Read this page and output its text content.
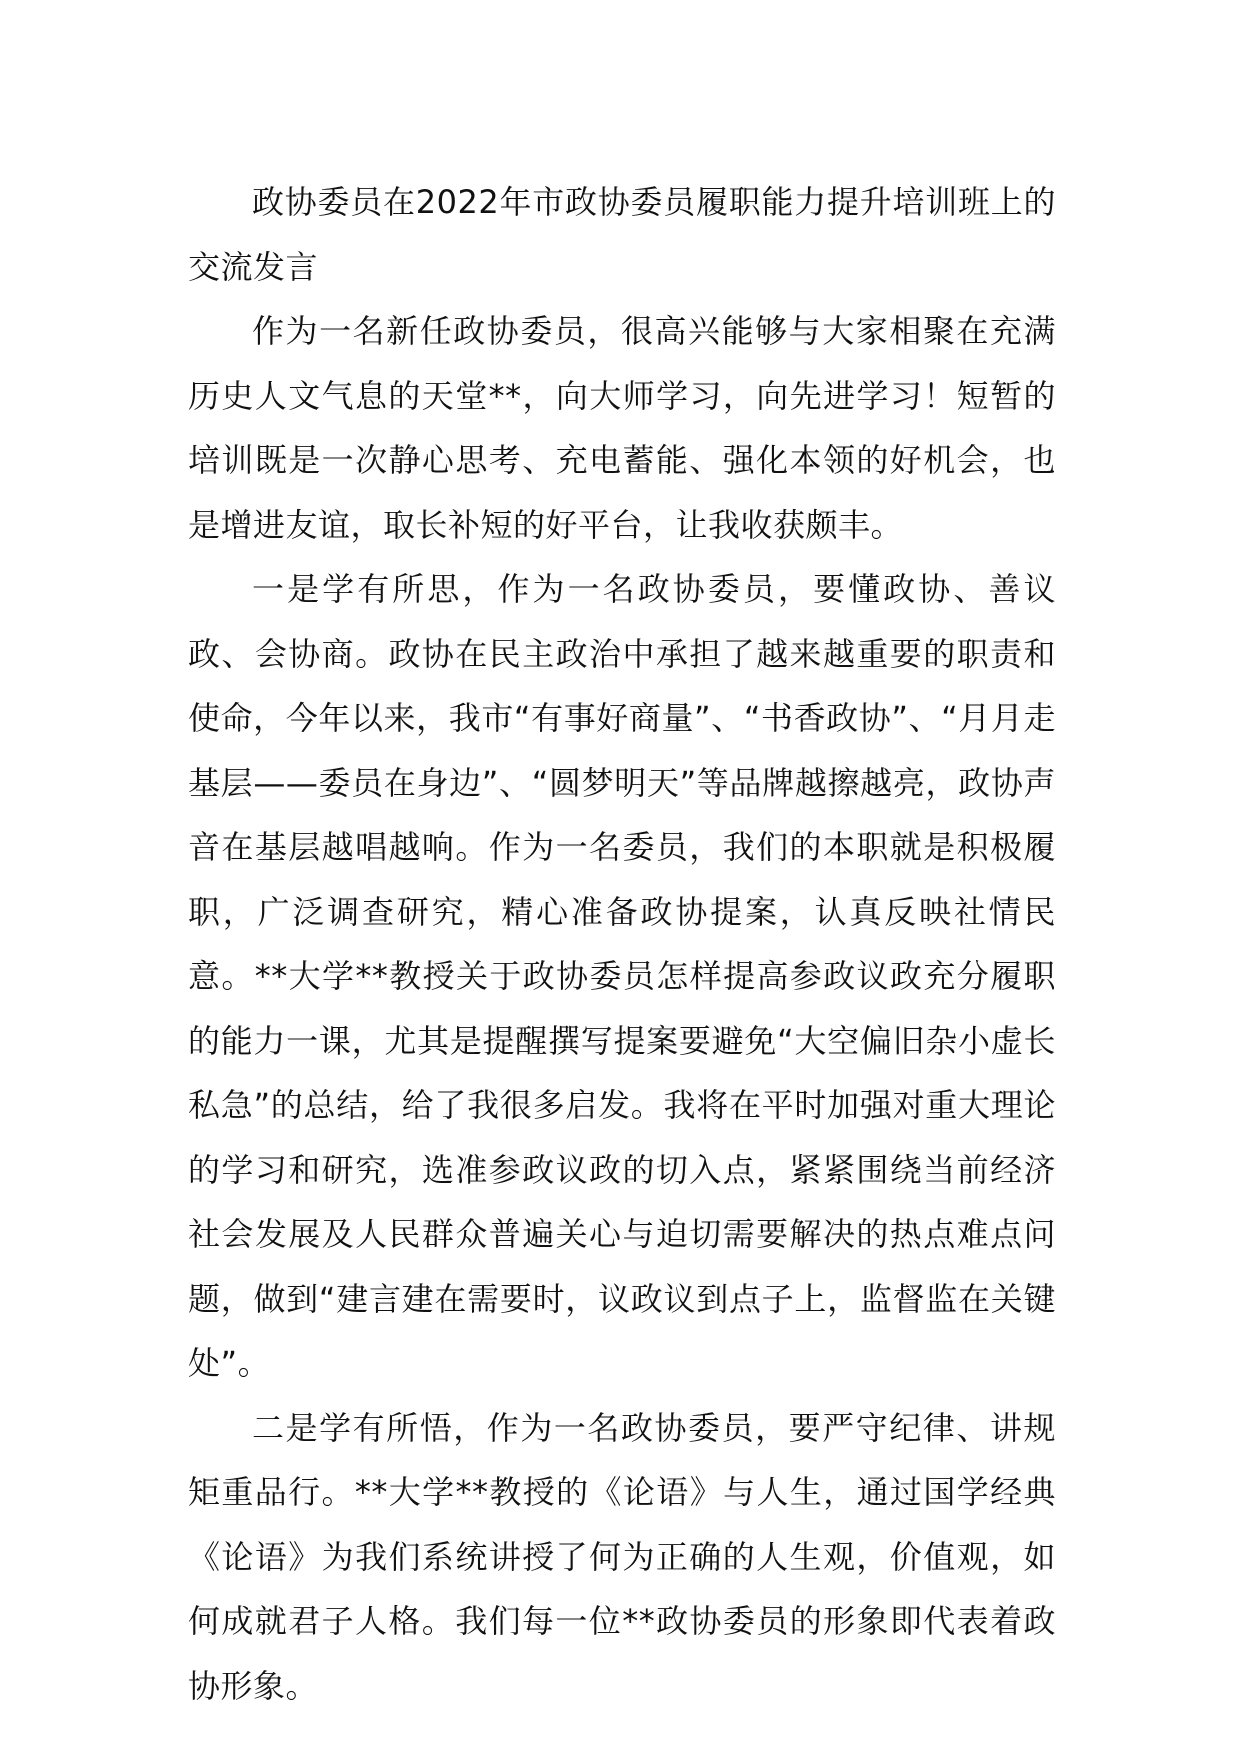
政协委员在2022年市政协委员履职能力提升培训班上的交流发言

作为一名新任政协委员，很高兴能够与大家相聚在充满历史人文气息的天堂**，向大师学习，向先进学习！短暂的培训既是一次静心思考、充电蓄能、强化本领的好机会，也是增进友谊，取长补短的好平台，让我收获颇丰。

一是学有所思，作为一名政协委员，要懂政协、善议政、会协商。政协在民主政治中承担了越来越重要的职责和使命，今年以来，我市“有事好商量”、“书香政协”、“月月走基层——委员在身边”、“圆梦明天”等品牌越擦越亮，政协声音在基层越唱越响。作为一名委员，我们的本职就是积极履职，广泛调查研究，精心准备政协提案，认真反映社情民意。**大学**教授关于政协委员怎样提高参政议政充分履职的能力一课，尤其是提醒撰写提案要避免“大空偏旧杂小虚长私急”的总结，给了我很多启发。我将在平时加强对重大理论的学习和研究，选准参政议政的切入点，紧紧围绕当前经济社会发展及人民群众普遍关心与迫切需要解决的热点难点问题，做到“建言建在需要时，议政议到点子上，监督监在关键处”。

二是学有所悟，作为一名政协委员，要严守纪律、讲规矩重品行。**大学**教授的《论语》与人生，通过国学经典《论语》为我们系统讲授了何为正确的人生观，价值观，如何成就君子人格。我们每一位**政协委员的形象即代表着政协形象。
